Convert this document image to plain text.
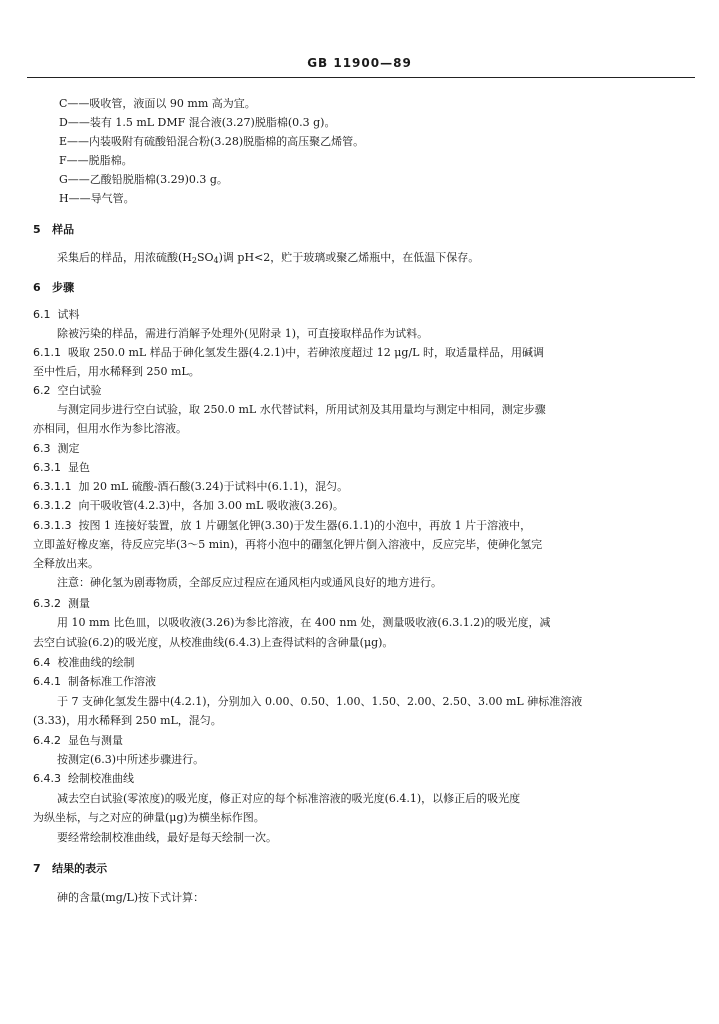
GB 11900—89
C——吸收管，液面以 90 mm 高为宜。
D——装有 1.5 mL DMF 混合液(3.27)脱脂棉(0.3 g)。
E——内装吸附有硫酸铅混合粉(3.28)脱脂棉的高压聚乙烯管。
F——脱脂棉。
G——乙酸铅脱脂棉(3.29)0.3 g。
H——导气管。
5 样品
采集后的样品，用浓硫酸$(H_2SO_4)$调 pH<2，贮于玻璃或聚乙烯瓶中，在低温下保存。
6 步骤
6.1 试料
除被污染的样品，需进行消解予处理外(见附录 1)，可直接取样品作为试料。
6.1.1 吸取 250.0 mL 样品于砷化氢发生器(4.2.1)中，若砷浓度超过 12 μg/L 时，取适量样品，用碱调
至中性后，用水稀释到 250 mL。
6.2 空白试验
与测定同步进行空白试验，取 250.0 mL 水代替试料，所用试剂及其用量均与测定中相同，测定步骤
亦相同，但用水作为参比溶液。
6.3 测定
6.3.1 显色
6.3.1.1 加 20 mL 硫酸-酒石酸(3.24)于试料中(6.1.1)，混匀。
6.3.1.2 向干吸收管(4.2.3)中，各加 3.00 mL 吸收液(3.26)。
6.3.1.3 按图 1 连接好装置，放 1 片硼氢化钾(3.30)于发生器(6.1.1)的小泡中，再放 1 片于溶液中，
立即盖好橡皮塞，待反应完毕(3～5 min)，再将小泡中的硼氢化钾片倒入溶液中，反应完毕，使砷化氢完
全释放出来。
注意：砷化氢为剧毒物质，全部反应过程应在通风柜内或通风良好的地方进行。
6.3.2 测量
用 10 mm 比色皿，以吸收液(3.26)为参比溶液，在 400 nm 处，测量吸收液(6.3.1.2)的吸光度，减
去空白试验(6.2)的吸光度，从校准曲线(6.4.3)上查得试料的含砷量(μg)。
6.4 校准曲线的绘制
6.4.1 制备标准工作溶液
于 7 支砷化氢发生器中(4.2.1)，分别加入 0.00、0.50、1.00、1.50、2.00、2.50、3.00 mL 砷标准溶液
(3.33)，用水稀释到 250 mL，混匀。
6.4.2 显色与测量
按测定(6.3)中所述步骤进行。
6.4.3 绘制校准曲线
减去空白试验(零浓度)的吸光度，修正对应的每个标准溶液的吸光度(6.4.1)，以修正后的吸光度
为纵坐标，与之对应的砷量(μg)为横坐标作图。
要经常绘制校准曲线，最好是每天绘制一次。
7 结果的表示
砷的含量(mg/L)按下式计算：
